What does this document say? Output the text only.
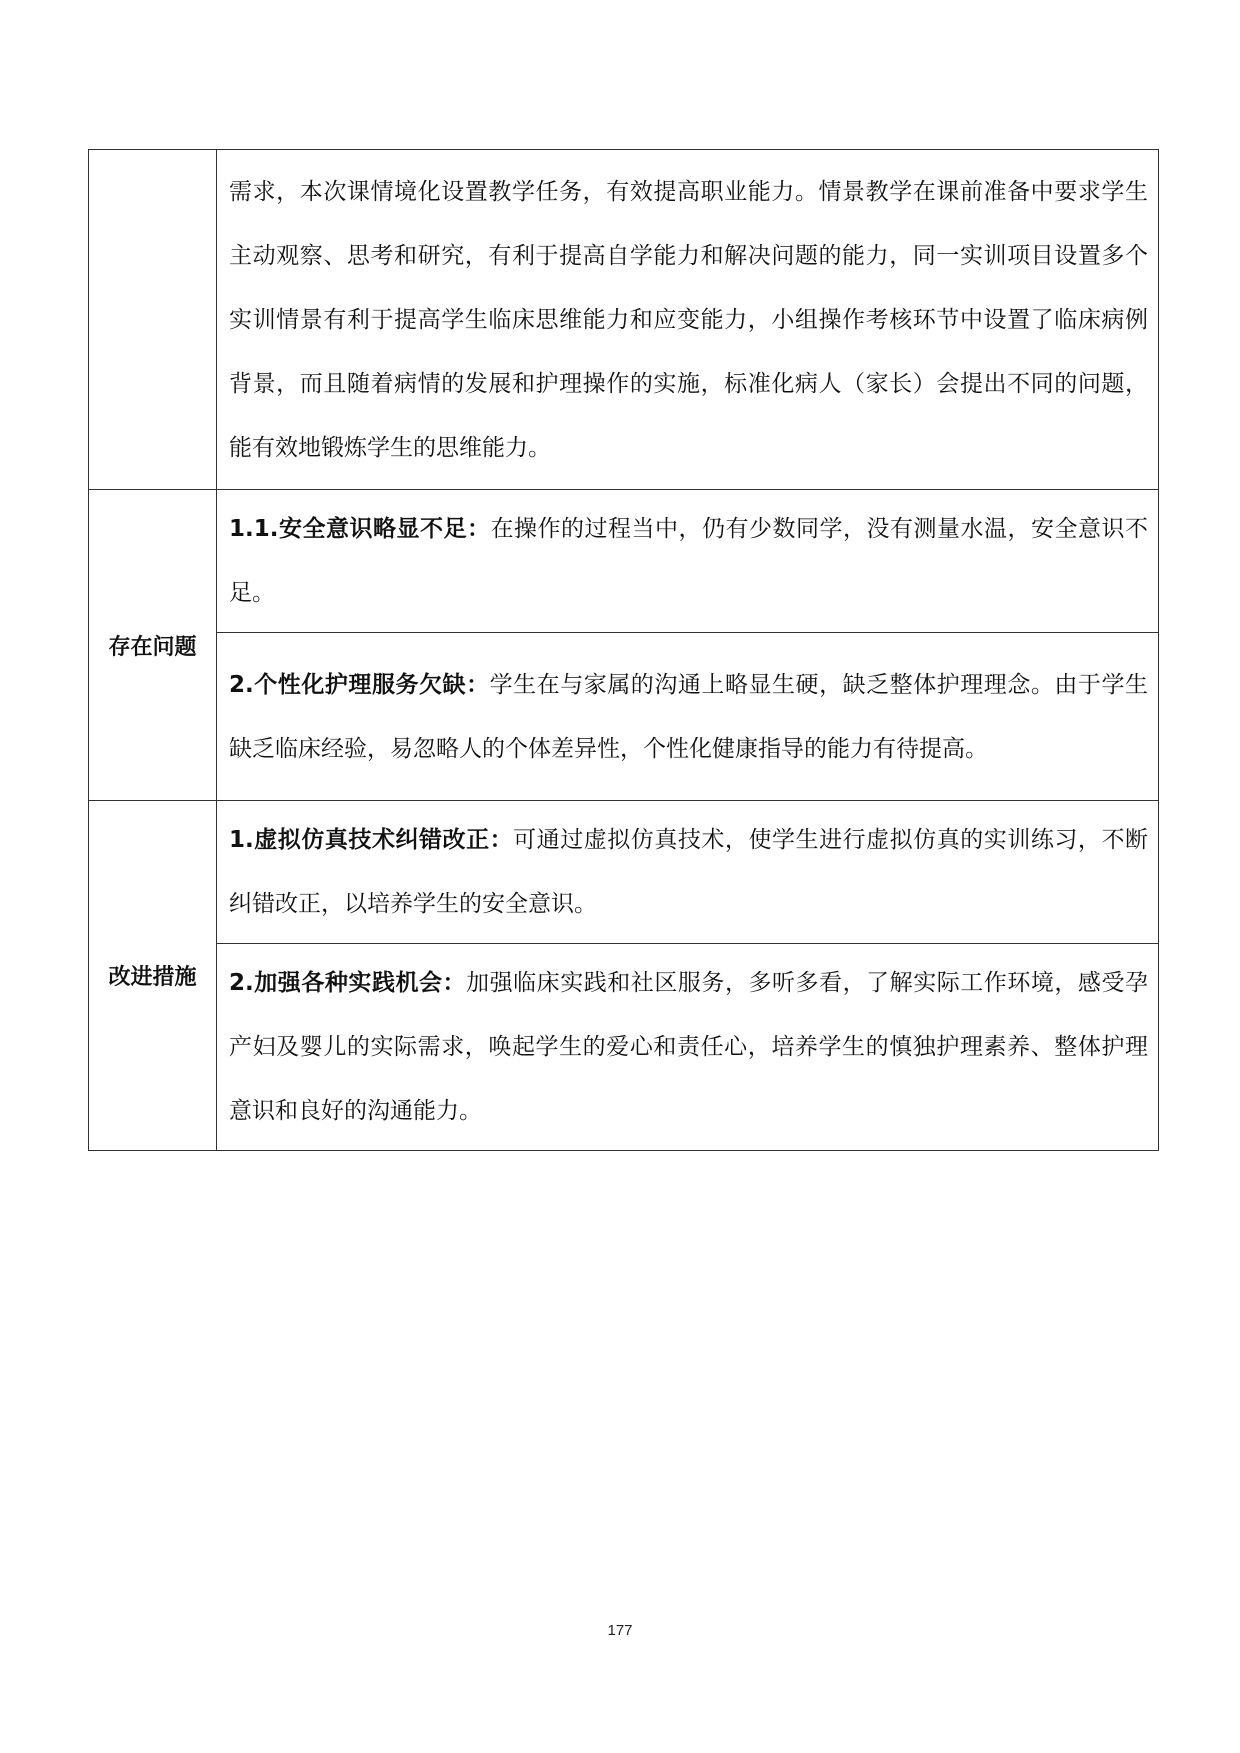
	需求，本次课情境化设置教学任务，有效提高职业能力。情景教学在课前准备中要求学生主动观察、思考和研究，有利于提高自学能力和解决问题的能力，同一实训项目设置多个实训情景有利于提高学生临床思维能力和应变能力，小组操作考核环节中设置了临床病例背景，而且随着病情的发展和护理操作的实施，标准化病人（家长）会提出不同的问题，能有效地锻炼学生的思维能力。
存在问题	1.1.安全意识略显不足：在操作的过程当中，仍有少数同学，没有测量水温，安全意识不足。
	2.个性化护理服务欠缺：学生在与家属的沟通上略显生硬，缺乏整体护理理念。由于学生缺乏临床经验，易忽略人的个体差异性，个性化健康指导的能力有待提高。
改进措施	1.虚拟仿真技术纠错改正：可通过虚拟仿真技术，使学生进行虚拟仿真的实训练习，不断纠错改正，以培养学生的安全意识。
	2.加强各种实践机会：加强临床实践和社区服务，多听多看，了解实际工作环境，感受孕产妇及婴儿的实际需求，唤起学生的爱心和责任心，培养学生的慎独护理素养、整体护理意识和良好的沟通能力。
177
